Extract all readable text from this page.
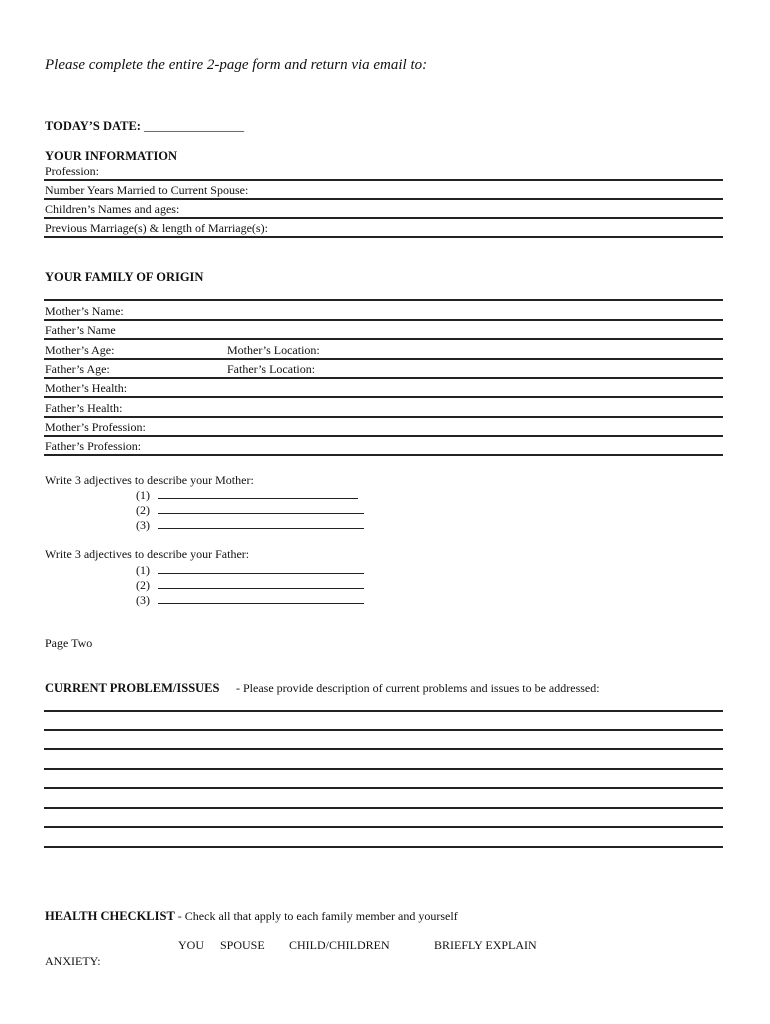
Please complete the entire 2-page form and return via email to:
TODAY’S DATE: ________________
YOUR INFORMATION
Profession:
Number Years Married to Current Spouse:
Children’s Names and ages:
Previous Marriage(s) & length of Marriage(s):
YOUR FAMILY OF ORIGIN
Mother’s Name:
Father’s Name
Mother’s Age:	Mother’s Location:
Father’s Age:	Father’s Location:
Mother’s Health:
Father’s Health:
Mother’s Profession:
Father’s Profession:
Write 3 adjectives to describe your Mother:
(1)
(2)
(3)
Write 3 adjectives to describe your Father:
(1)
(2)
(3)
Page Two
CURRENT PROBLEM/ISSUES - Please provide description of current problems and issues to be addressed:
HEALTH CHECKLIST - Check all that apply to each family member and yourself
YOU SPOUSE CHILD/CHILDREN	BRIEFLY EXPLAIN
ANXIETY:
